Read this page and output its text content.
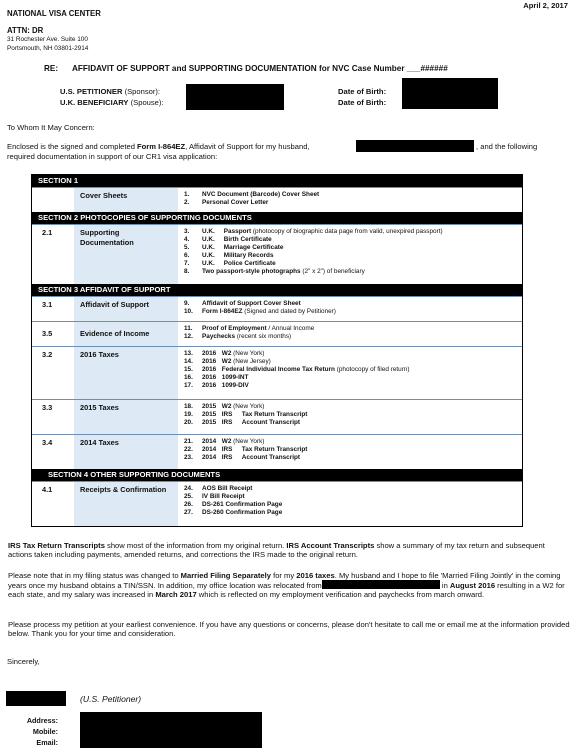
April 2, 2017
NATIONAL VISA CENTER
ATTN: DR
31 Rochester Ave. Suite 100
Portsmouth, NH 03801-2914
RE: AFFIDAVIT OF SUPPORT and SUPPORTING DOCUMENTATION for NVC Case Number ___######
U.S. PETITIONER (Sponsor):
U.K. BENEFICIARY (Spouse):
Date of Birth:
Date of Birth:
To Whom It May Concern:
Enclosed is the signed and completed Form I-864EZ, Affidavit of Support for my husband,	, and the following
required documentation in support of our CR1 visa application:
SECTION 1
Cover Sheets	1. NVC Document (Barcode) Cover Sheet
2. Personal Cover Letter
SECTION 2 PHOTOCOPIES OF SUPPORTING DOCUMENTS
2.1	Supporting Documentation
3. U.K. Passport (photocopy of biographic data page from valid, unexpired passport)
4. U.K. Birth Certificate
5. U.K. Marriage Certificate
6. U.K. Military Records
7. U.K. Police Certificate
8. Two passport-style photographs (2" x 2") of beneficiary
SECTION 3 AFFIDAVIT OF SUPPORT
3.1	Affidavit of Support	9. Affidavit of Support Cover Sheet
10. Form I-864EZ (Signed and dated by Petitioner)
3.5	Evidence of Income
11. Proof of Employment / Annual Income
12. Paychecks (recent six months)
3.2	2016 Taxes	13. 2016 W2 (New York)
14. 2016 W2 (New Jersey)
15. 2016 Federal Individual Income Tax Return (photocopy of filed return)
16. 2016 1099-INT
17. 2016 1099-DIV
3.3	2015 Taxes	18. 2015 W2 (New York)
19. 2015 IRS Tax Return Transcript
20. 2015 IRS Account Transcript
3.4	2014 Taxes	21. 2014 W2 (New York)
22. 2014 IRS Tax Return Transcript
23. 2014 IRS Account Transcript
SECTION 4 OTHER SUPPORTING DOCUMENTS
4.1	Receipts & Confirmation	24. AOS Bill Receipt
25. IV Bill Receipt
26. DS-261 Confirmation Page
27. DS-260 Confirmation Page

IRS Tax Return Transcripts show most of the information from my original return. IRS Account Transcripts show a summary of my tax return and subsequent actions taken including payments, amended returns, and corrections the IRS made to the original return.

Please note that in my filing status was changed to Married Filing Separately for my 2016 taxes. My husband and I hope to file 'Married Filing Jointly' in the coming years once my husband obtains a TIN/SSN. In addition, my office location was relocated from	in August 2016 resulting in a W2 for each state, and my salary was increased in March 2017 which is reflected on my employment verification and paychecks from march onward.

Please process my petition at your earliest convenience. If you have any questions or concerns, please don't hesitate to call me or email me at the information provided below. Thank you for your time and consideration.

Sincerely,
(U.S. Petitioner)
Address:
Mobile:
Email:
